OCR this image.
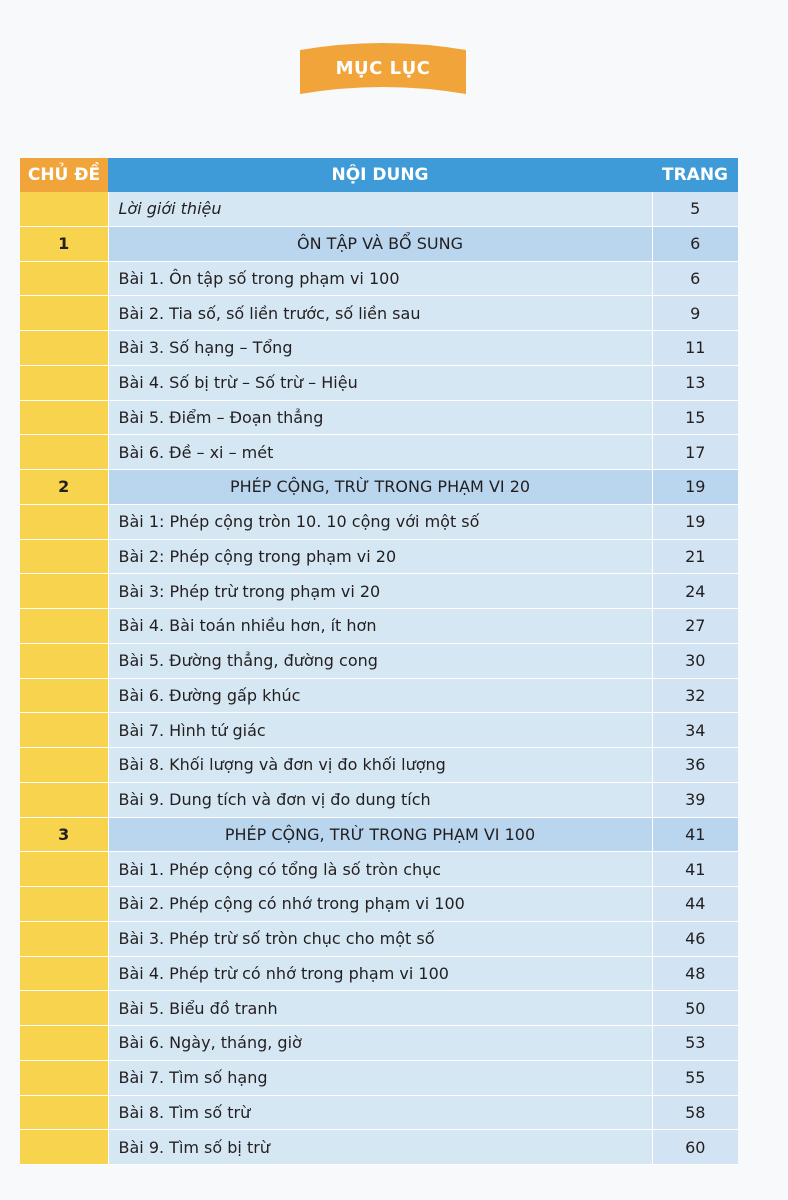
MỤC LỤC
CHỦ ĐỀ	NỘI DUNG	TRANG
	Lời giới thiệu	5
1	ÔN TẬP VÀ BỔ SUNG	6
	Bài 1. Ôn tập số trong phạm vi 100	6
	Bài 2. Tia số, số liền trước, số liền sau	9
	Bài 3. Số hạng – Tổng	11
	Bài 4. Số bị trừ – Số trừ – Hiệu	13
	Bài 5. Điểm – Đoạn thẳng	15
	Bài 6. Đề – xi – mét	17
2	PHÉP CỘNG, TRỪ TRONG PHẠM VI 20	19
	Bài 1: Phép cộng tròn 10. 10 cộng với một số	19
	Bài 2: Phép cộng trong phạm vi 20	21
	Bài 3: Phép trừ trong phạm vi 20	24
	Bài 4. Bài toán nhiều hơn, ít hơn	27
	Bài 5. Đường thẳng, đường cong	30
	Bài 6. Đường gấp khúc	32
	Bài 7. Hình tứ giác	34
	Bài 8. Khối lượng và đơn vị đo khối lượng	36
	Bài 9. Dung tích và đơn vị đo dung tích	39
3	PHÉP CỘNG, TRỪ TRONG PHẠM VI 100	41
	Bài 1. Phép cộng có tổng là số tròn chục	41
	Bài 2. Phép cộng có nhớ trong phạm vi 100	44
	Bài 3. Phép trừ số tròn chục cho một số	46
	Bài 4. Phép trừ có nhớ trong phạm vi 100	48
	Bài 5. Biểu đồ tranh	50
	Bài 6. Ngày, tháng, giờ	53
	Bài 7. Tìm số hạng	55
	Bài 8. Tìm số trừ	58
	Bài 9. Tìm số bị trừ	60
